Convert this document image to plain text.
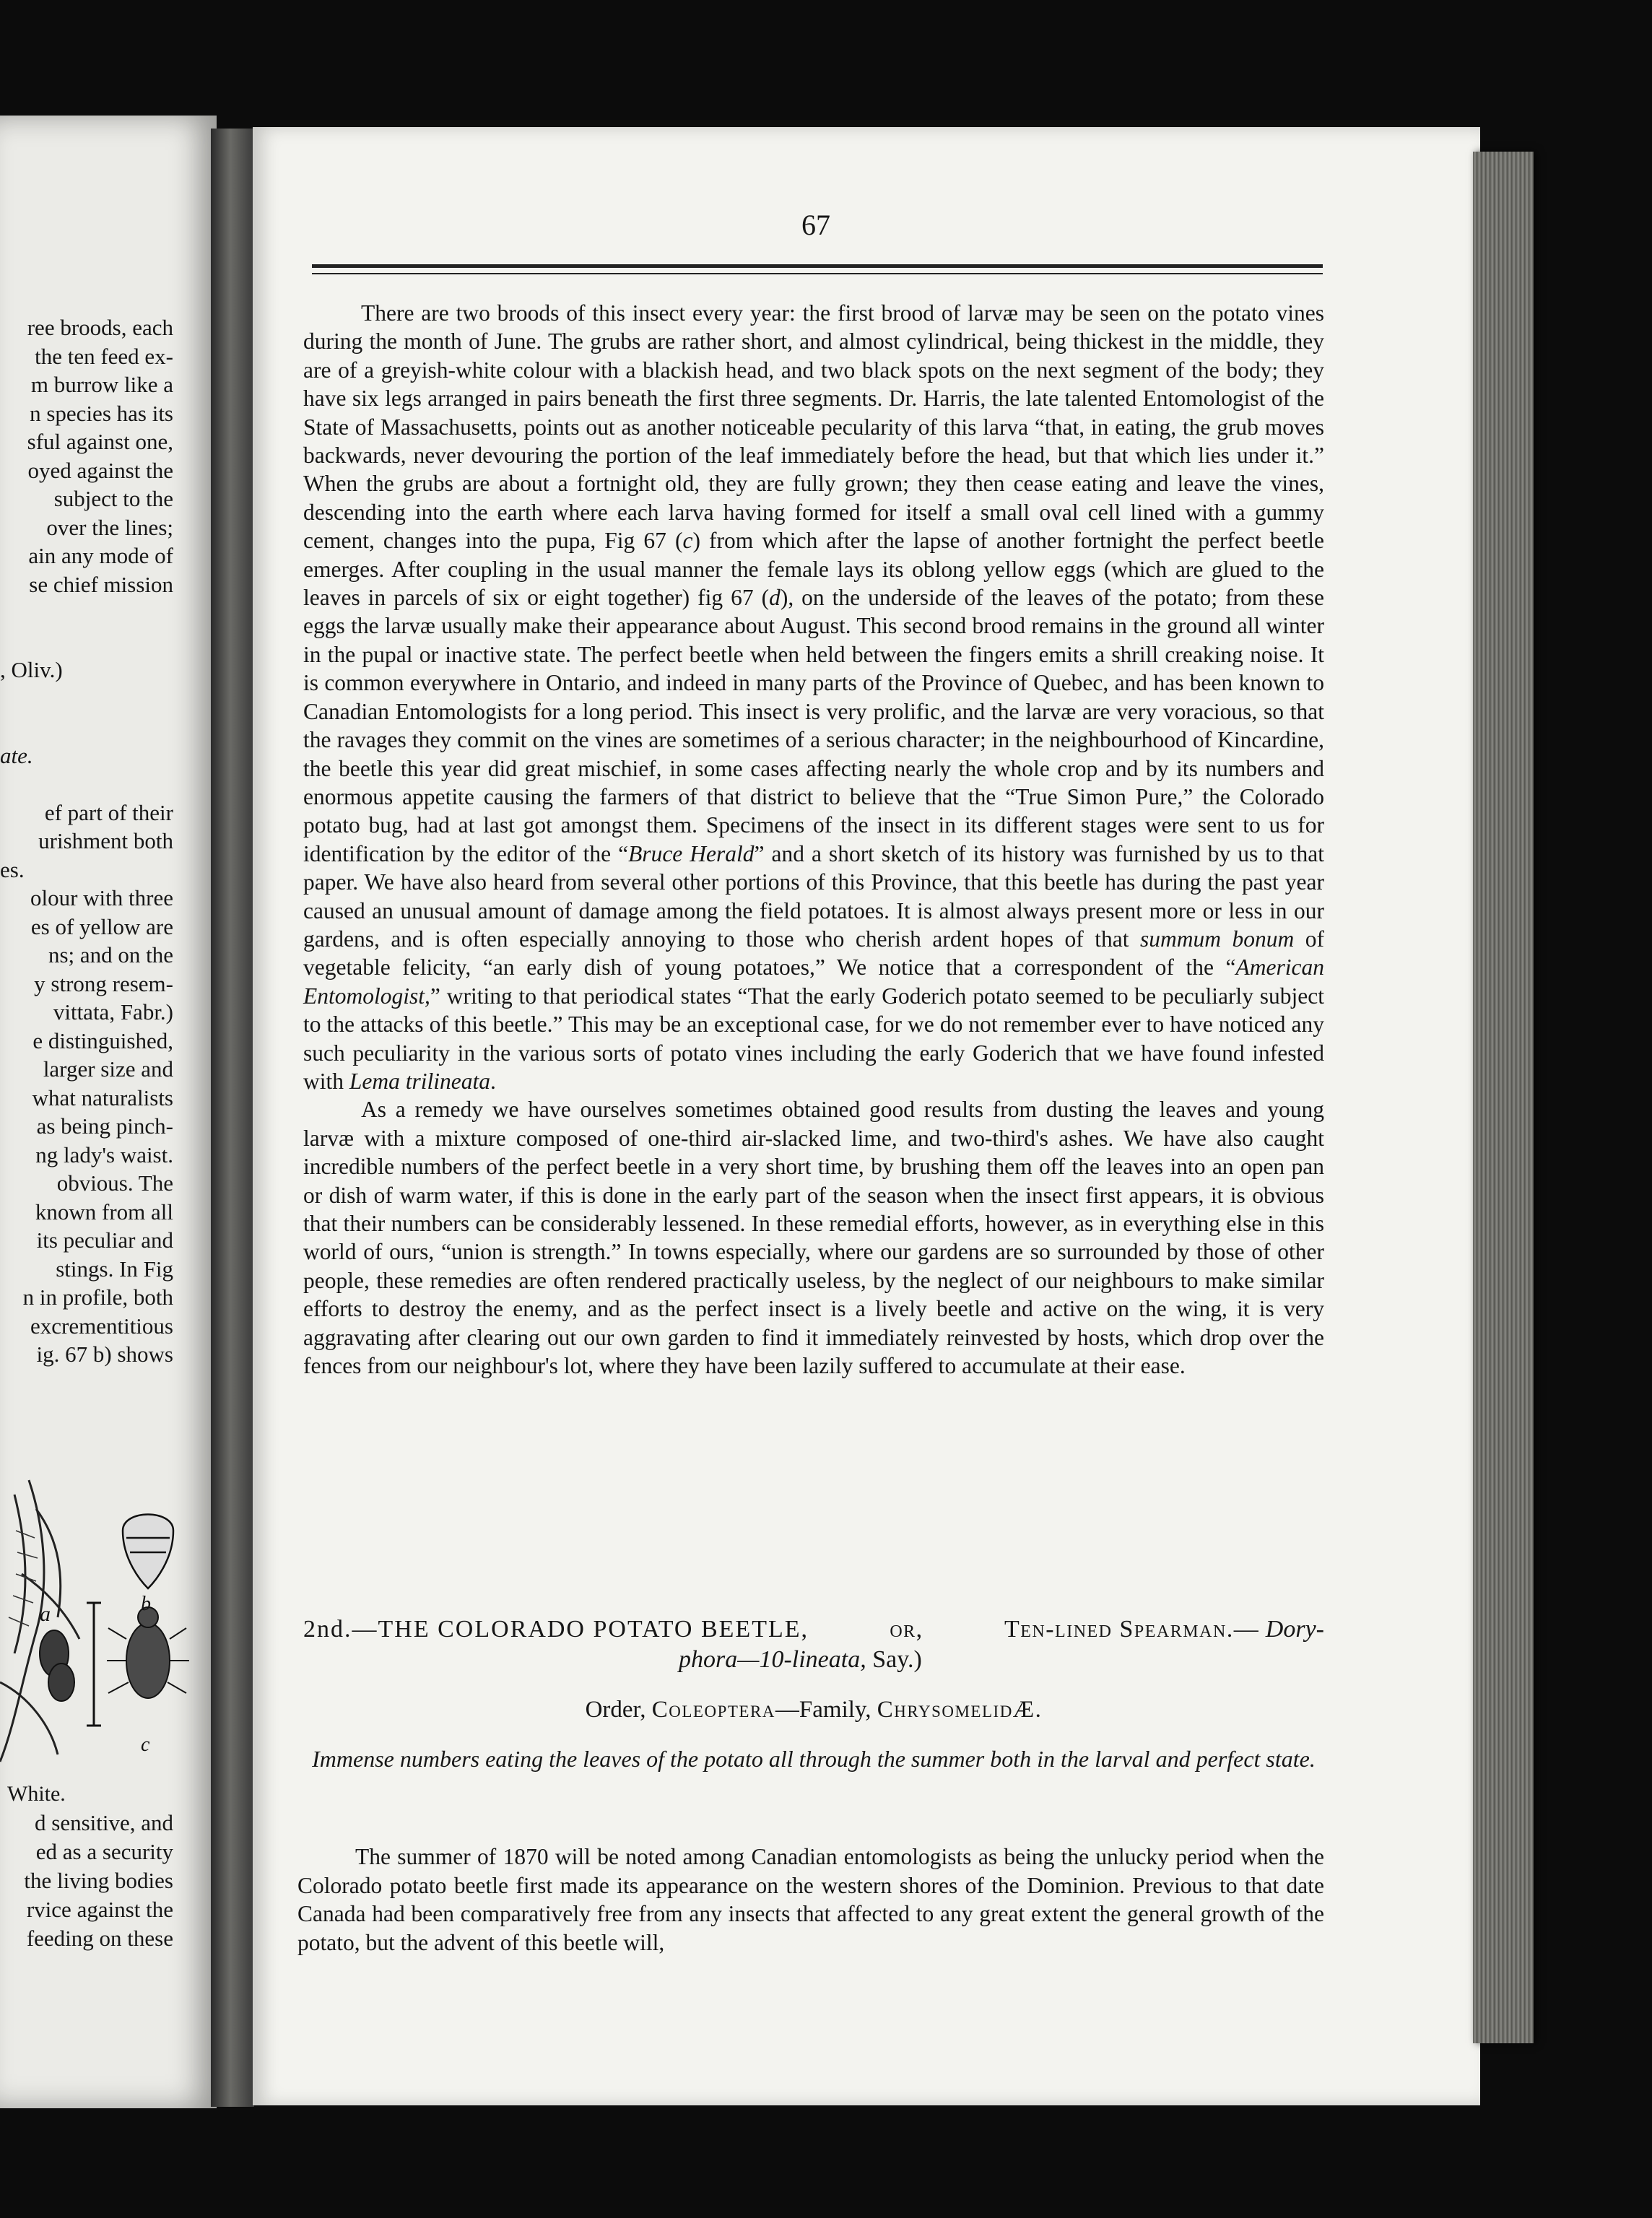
ree broods, each
the ten feed ex-
m burrow like a
n species has its
sful against one,
oyed against the
subject to the
over the lines;
ain any mode of
se chief mission
, Oliv.)
ate.
ef part of their
urishment both
es.
olour with three
es of yellow are
ns; and on the
y strong resem-
vittata, Fabr.)
e distinguished,
larger size and
what naturalists
as being pinch-
ng lady's waist.
obvious. The
known from all
its peculiar and
stings. In Fig
n in profile, both
excrementitious
ig. 67 b) shows
a	b
c
White.
d sensitive, and
ed as a security
the living bodies
rvice against the
feeding on these
67

There are two broods of this insect every year: the first brood of larvæ may be seen on the potato vines during the month of June. The grubs are rather short, and almost cylindrical, being thickest in the middle, they are of a greyish-white colour with a blackish head, and two black spots on the next segment of the body; they have six legs arranged in pairs beneath the first three segments. Dr. Harris, the late talented Entomologist of the State of Massachusetts, points out as another noticeable pecularity of this larva “that, in eating, the grub moves backwards, never devouring the portion of the leaf immediately before the head, but that which lies under it.” When the grubs are about a fortnight old, they are fully grown; they then cease eating and leave the vines, descending into the earth where each larva having formed for itself a small oval cell lined with a gummy cement, changes into the pupa, Fig 67 (c) from which after the lapse of another fortnight the perfect beetle emerges. After coupling in the usual manner the female lays its oblong yellow eggs (which are glued to the leaves in parcels of six or eight together) fig 67 (d), on the underside of the leaves of the potato; from these eggs the larvæ usually make their appearance about August. This second brood remains in the ground all winter in the pupal or inactive state. The perfect beetle when held between the fingers emits a shrill creaking noise. It is common everywhere in Ontario, and indeed in many parts of the Province of Quebec, and has been known to Canadian Entomologists for a long period. This insect is very prolific, and the larvæ are very voracious, so that the ravages they commit on the vines are sometimes of a serious character; in the neighbourhood of Kincardine, the beetle this year did great mischief, in some cases affecting nearly the whole crop and by its numbers and enormous appetite causing the farmers of that district to believe that the “True Simon Pure,” the Colorado potato bug, had at last got amongst them. Specimens of the insect in its different stages were sent to us for identification by the editor of the “Bruce Herald” and a short sketch of its history was furnished by us to that paper. We have also heard from several other portions of this Province, that this beetle has during the past year caused an unusual amount of damage among the field potatoes. It is almost always present more or less in our gardens, and is often especially annoying to those who cherish ardent hopes of that summum bonum of vegetable felicity, “an early dish of young potatoes,” We notice that a correspondent of the “American Entomologist,” writing to that periodical states “That the early Goderich potato seemed to be peculiarly subject to the attacks of this beetle.” This may be an exceptional case, for we do not remember ever to have noticed any such peculiarity in the various sorts of potato vines including the early Goderich that we have found infested with Lema trilineata.

As a remedy we have ourselves sometimes obtained good results from dusting the leaves and young larvæ with a mixture composed of one-third air-slacked lime, and two-third's ashes. We have also caught incredible numbers of the perfect beetle in a very short time, by brushing them off the leaves into an open pan or dish of warm water, if this is done in the early part of the season when the insect first appears, it is obvious that their numbers can be considerably lessened. In these remedial efforts, however, as in everything else in this world of ours, “union is strength.” In towns especially, where our gardens are so surrounded by those of other people, these remedies are often rendered practically useless, by the neglect of our neighbours to make similar efforts to destroy the enemy, and as the perfect insect is a lively beetle and active on the wing, it is very aggravating after clearing out our own garden to find it immediately reinvested by hosts, which drop over the fences from our neighbour's lot, where they have been lazily suffered to accumulate at their ease.

2nd.—THE COLORADO POTATO BEETLE,	or,	Ten-lined Spearman.— Dory-
phora—10-lineata, Say.)
Order, Coleoptera—Family, ChrysomelidÆ.
Immense numbers eating the leaves of the potato all through the summer both in the larval and perfect state.

The summer of 1870 will be noted among Canadian entomologists as being the unlucky period when the Colorado potato beetle first made its appearance on the western shores of the Dominion. Previous to that date Canada had been comparatively free from any insects that affected to any great extent the general growth of the potato, but the advent of this beetle will,
